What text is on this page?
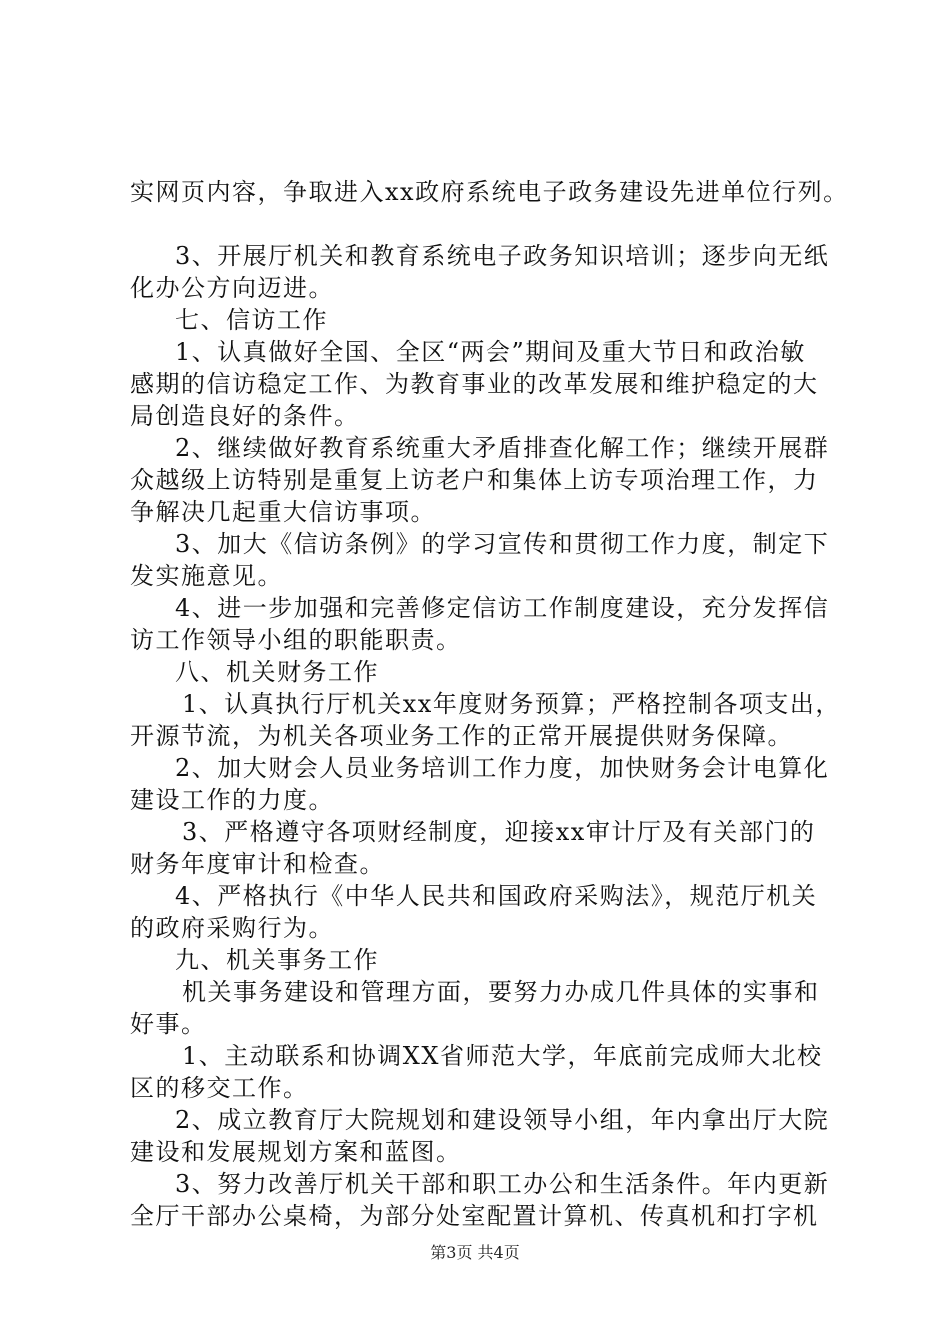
实网页内容，争取进入xx政府系统电子政务建设先进单位行列。
3、开展厅机关和教育系统电子政务知识培训；逐步向无纸
化办公方向迈进。
七、信访工作
1、认真做好全国、全区“两会”期间及重大节日和政治敏
感期的信访稳定工作、为教育事业的改革发展和维护稳定的大
局创造良好的条件。
2、继续做好教育系统重大矛盾排查化解工作；继续开展群
众越级上访特别是重复上访老户和集体上访专项治理工作，力
争解决几起重大信访事项。
3、加大《信访条例》的学习宣传和贯彻工作力度，制定下
发实施意见。
4、进一步加强和完善修定信访工作制度建设，充分发挥信
访工作领导小组的职能职责。
八、机关财务工作
1、认真执行厅机关xx年度财务预算；严格控制各项支出，
开源节流，为机关各项业务工作的正常开展提供财务保障。
2、加大财会人员业务培训工作力度，加快财务会计电算化
建设工作的力度。
3、严格遵守各项财经制度，迎接xx审计厅及有关部门的
财务年度审计和检查。
4、严格执行《中华人民共和国政府采购法》，规范厅机关
的政府采购行为。
九、机关事务工作
机关事务建设和管理方面，要努力办成几件具体的实事和
好事。
1、主动联系和协调XX省师范大学，年底前完成师大北校
区的移交工作。
2、成立教育厅大院规划和建设领导小组，年内拿出厅大院
建设和发展规划方案和蓝图。
3、努力改善厅机关干部和职工办公和生活条件。年内更新
全厅干部办公桌椅，为部分处室配置计算机、传真机和打字机
第3页 共4页
